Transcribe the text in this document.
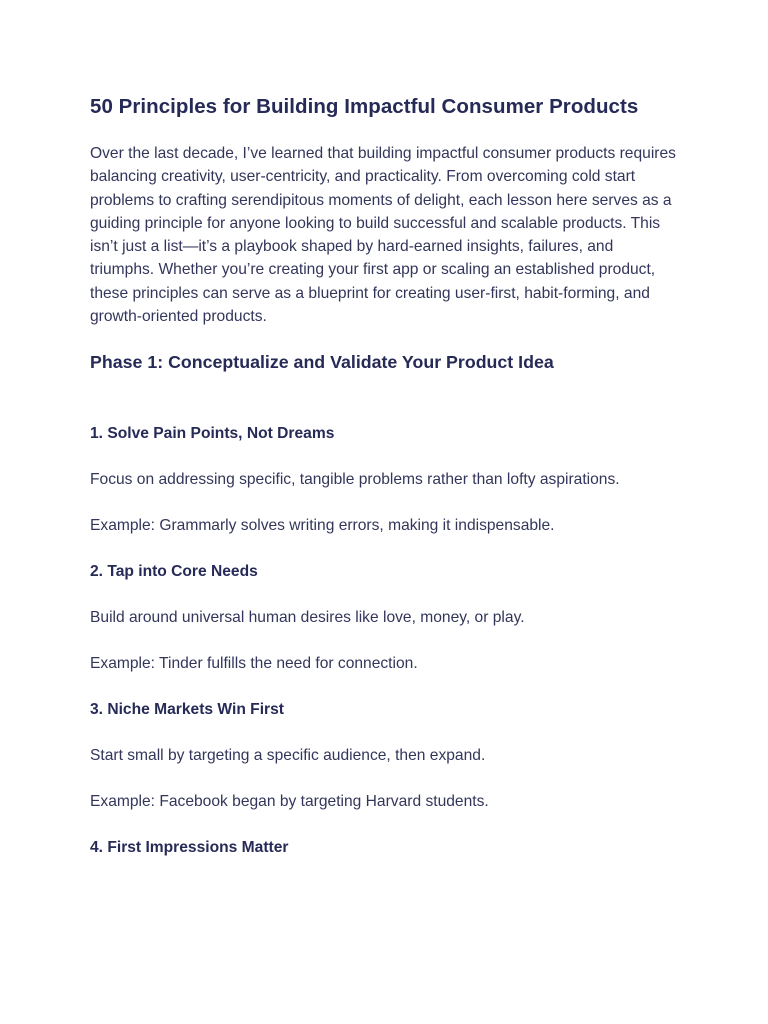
50 Principles for Building Impactful Consumer Products

Over the last decade, I’ve learned that building impactful consumer products requires balancing creativity, user-centricity, and practicality. From overcoming cold start problems to crafting serendipitous moments of delight, each lesson here serves as a guiding principle for anyone looking to build successful and scalable products. This isn’t just a list—it’s a playbook shaped by hard-earned insights, failures, and triumphs. Whether you’re creating your first app or scaling an established product, these principles can serve as a blueprint for creating user-first, habit-forming, and growth-oriented products.

Phase 1: Conceptualize and Validate Your Product Idea
1. Solve Pain Points, Not Dreams

Focus on addressing specific, tangible problems rather than lofty aspirations.

Example: Grammarly solves writing errors, making it indispensable.

2. Tap into Core Needs

Build around universal human desires like love, money, or play.

Example: Tinder fulfills the need for connection.

3. Niche Markets Win First

Start small by targeting a specific audience, then expand.

Example: Facebook began by targeting Harvard students.

4. First Impressions Matter
